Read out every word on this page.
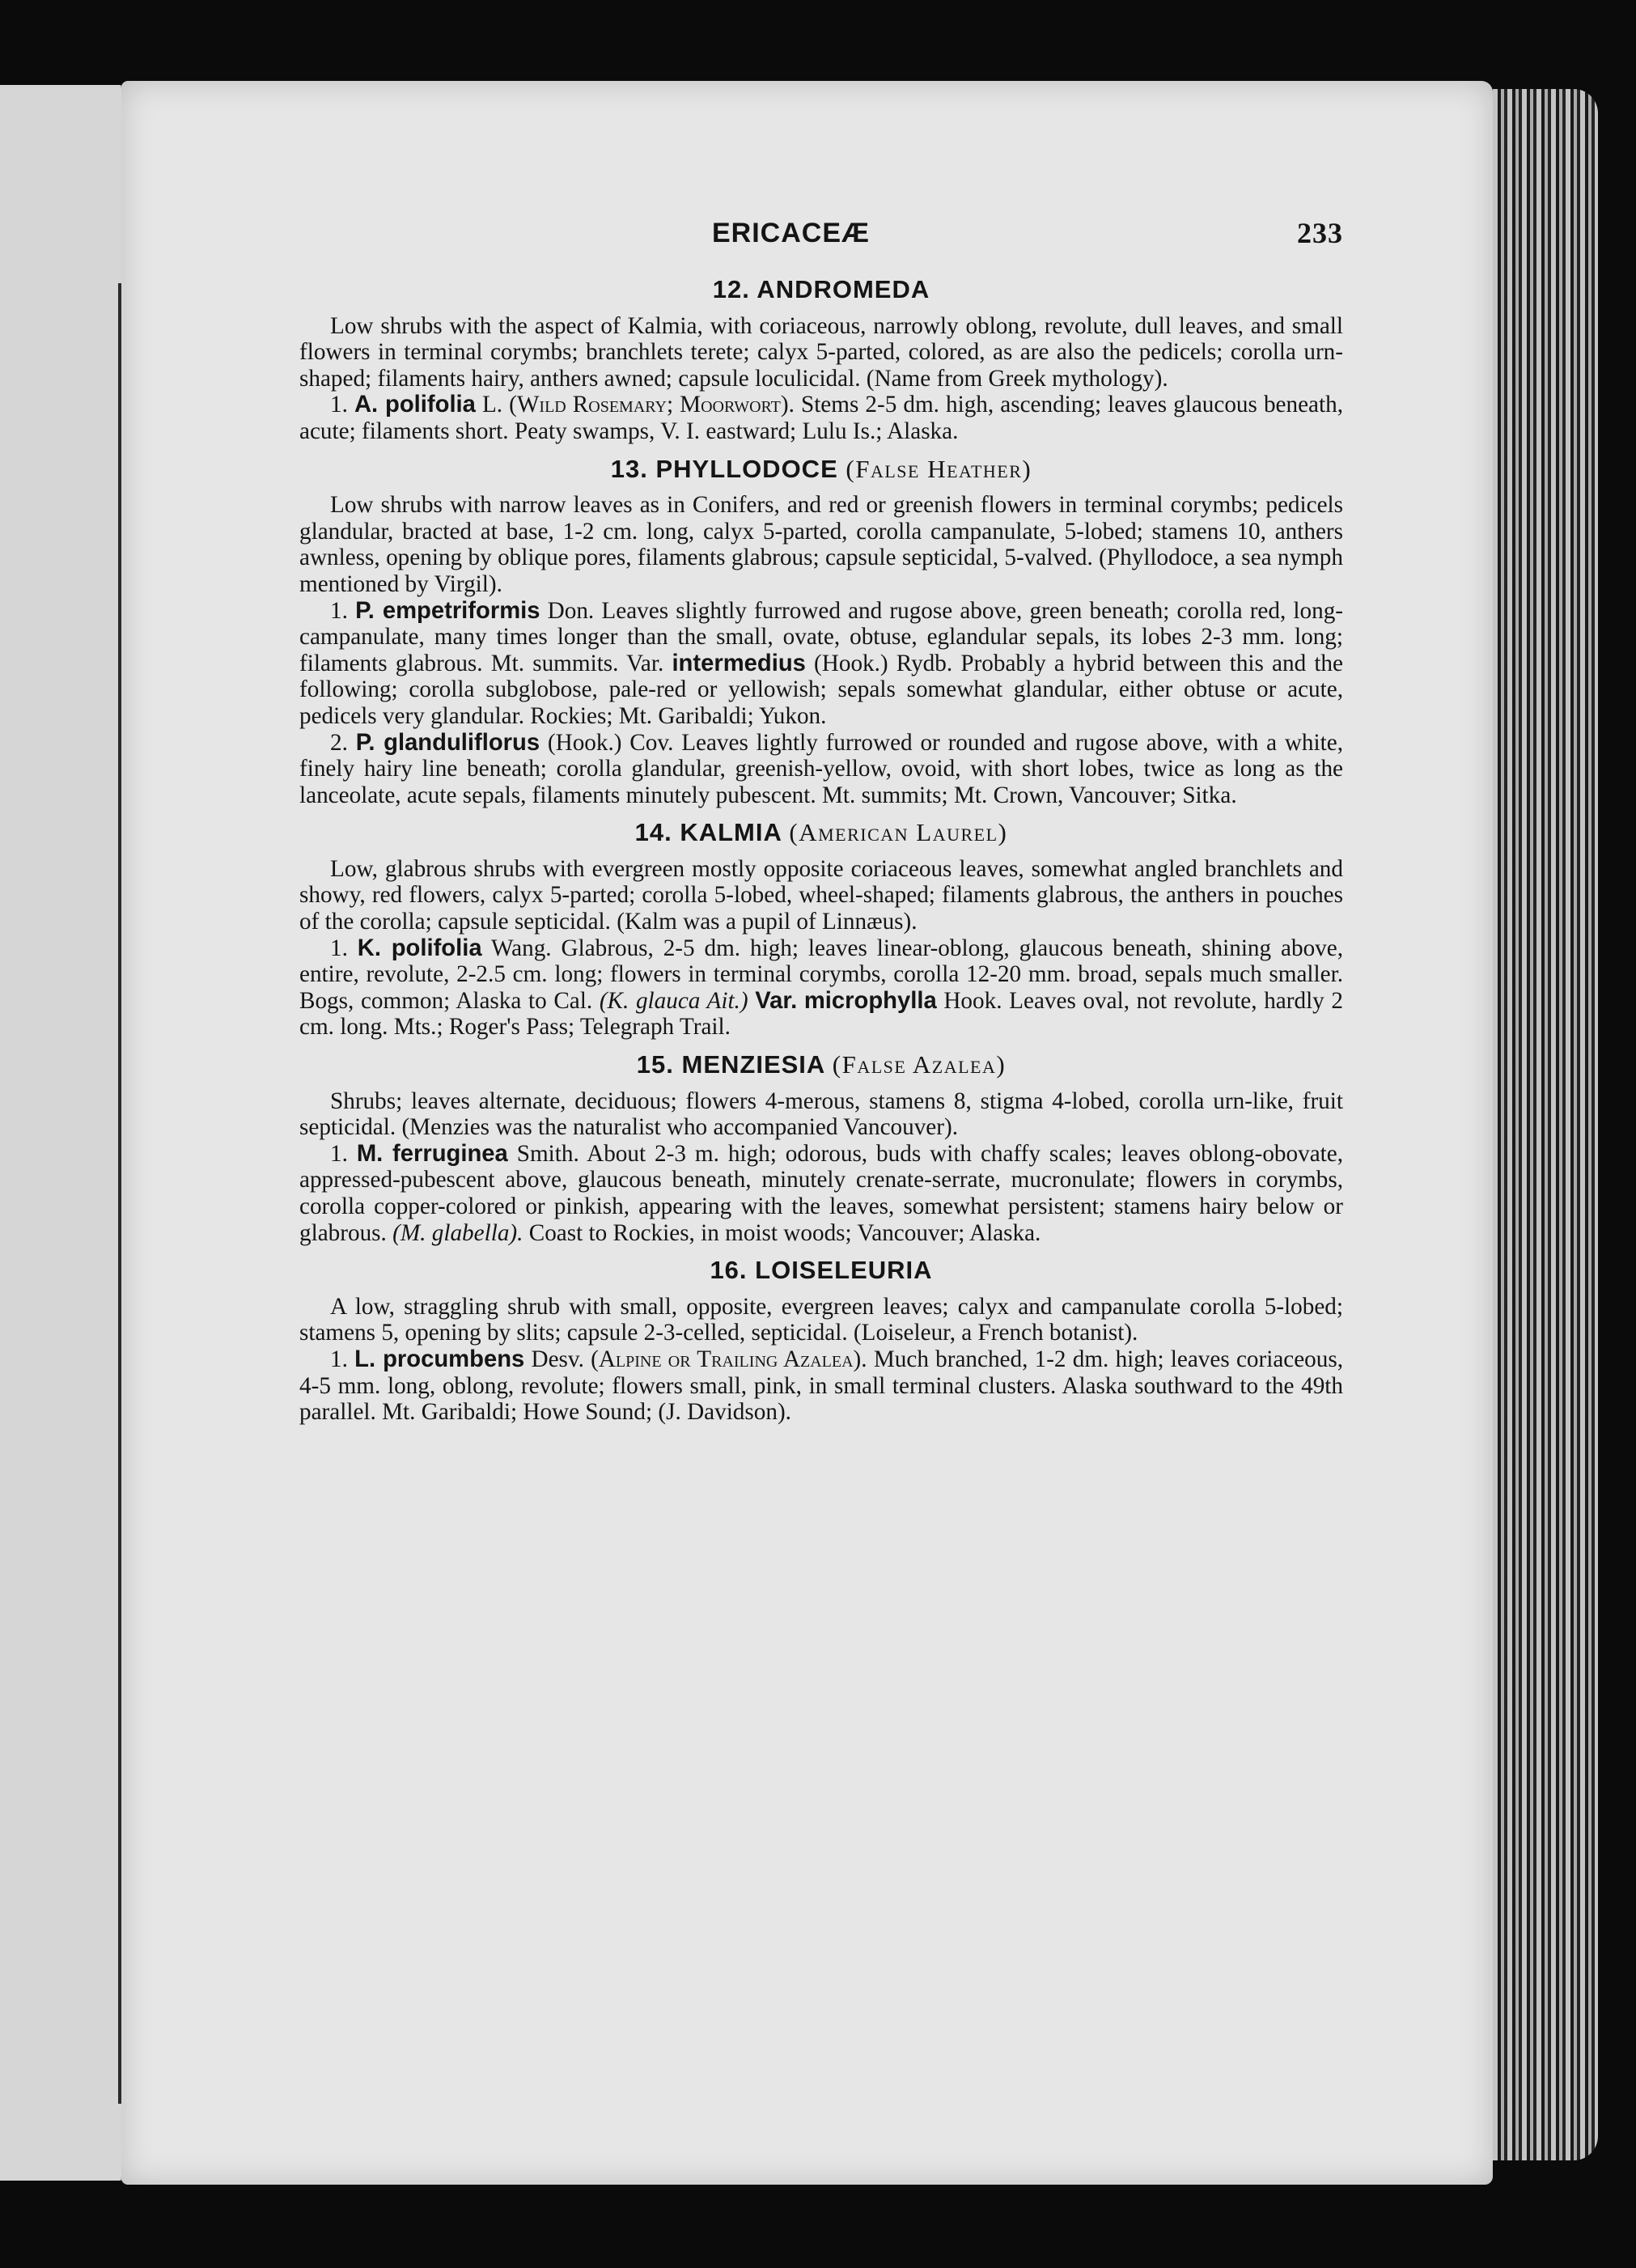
ERICACEÆ	233
12. ANDROMEDA

Low shrubs with the aspect of Kalmia, with coriaceous, narrowly oblong, revolute, dull leaves, and small flowers in terminal corymbs; branchlets terete; calyx 5-parted, colored, as are also the pedicels; corolla urn-shaped; filaments hairy, anthers awned; capsule loculicidal. (Name from Greek mythology).

1. A. polifolia L. (Wild Rosemary; Moorwort). Stems 2-5 dm. high, ascending; leaves glaucous beneath, acute; filaments short. Peaty swamps, V. I. eastward; Lulu Is.; Alaska.

13. PHYLLODOCE (False Heather)

Low shrubs with narrow leaves as in Conifers, and red or greenish flowers in terminal corymbs; pedicels glandular, bracted at base, 1-2 cm. long, calyx 5-parted, corolla campanulate, 5-lobed; stamens 10, anthers awnless, opening by oblique pores, filaments glabrous; capsule septicidal, 5-valved. (Phyllodoce, a sea nymph mentioned by Virgil).

1. P. empetriformis Don. Leaves slightly furrowed and rugose above, green beneath; corolla red, long-campanulate, many times longer than the small, ovate, obtuse, eglandular sepals, its lobes 2-3 mm. long; filaments glabrous. Mt. summits. Var. intermedius (Hook.) Rydb. Probably a hybrid between this and the following; corolla subglobose, pale-red or yellowish; sepals somewhat glandular, either obtuse or acute, pedicels very glandular. Rockies; Mt. Garibaldi; Yukon.

2. P. glanduliflorus (Hook.) Cov. Leaves lightly furrowed or rounded and rugose above, with a white, finely hairy line beneath; corolla glandular, greenish-yellow, ovoid, with short lobes, twice as long as the lanceolate, acute sepals, filaments minutely pubescent. Mt. summits; Mt. Crown, Vancouver; Sitka.

14. KALMIA (American Laurel)

Low, glabrous shrubs with evergreen mostly opposite coriaceous leaves, somewhat angled branchlets and showy, red flowers, calyx 5-parted; corolla 5-lobed, wheel-shaped; filaments glabrous, the anthers in pouches of the corolla; capsule septicidal. (Kalm was a pupil of Linnæus).

1. K. polifolia Wang. Glabrous, 2-5 dm. high; leaves linear-oblong, glaucous beneath, shining above, entire, revolute, 2-2.5 cm. long; flowers in terminal corymbs, corolla 12-20 mm. broad, sepals much smaller. Bogs, common; Alaska to Cal. (K. glauca Ait.) Var. microphylla Hook. Leaves oval, not revolute, hardly 2 cm. long. Mts.; Roger's Pass; Telegraph Trail.

15. MENZIESIA (False Azalea)

Shrubs; leaves alternate, deciduous; flowers 4-merous, stamens 8, stigma 4-lobed, corolla urn-like, fruit septicidal. (Menzies was the naturalist who accompanied Vancouver).

1. M. ferruginea Smith. About 2-3 m. high; odorous, buds with chaffy scales; leaves oblong-obovate, appressed-pubescent above, glaucous beneath, minutely crenate-serrate, mucronulate; flowers in corymbs, corolla copper-colored or pinkish, appearing with the leaves, somewhat persistent; stamens hairy below or glabrous. (M. glabella). Coast to Rockies, in moist woods; Vancouver; Alaska.

16. LOISELEURIA

A low, straggling shrub with small, opposite, evergreen leaves; calyx and campanulate corolla 5-lobed; stamens 5, opening by slits; capsule 2-3-celled, septicidal. (Loiseleur, a French botanist).

1. L. procumbens Desv. (Alpine or Trailing Azalea). Much branched, 1-2 dm. high; leaves coriaceous, 4-5 mm. long, oblong, revolute; flowers small, pink, in small terminal clusters. Alaska southward to the 49th parallel. Mt. Garibaldi; Howe Sound; (J. Davidson).
